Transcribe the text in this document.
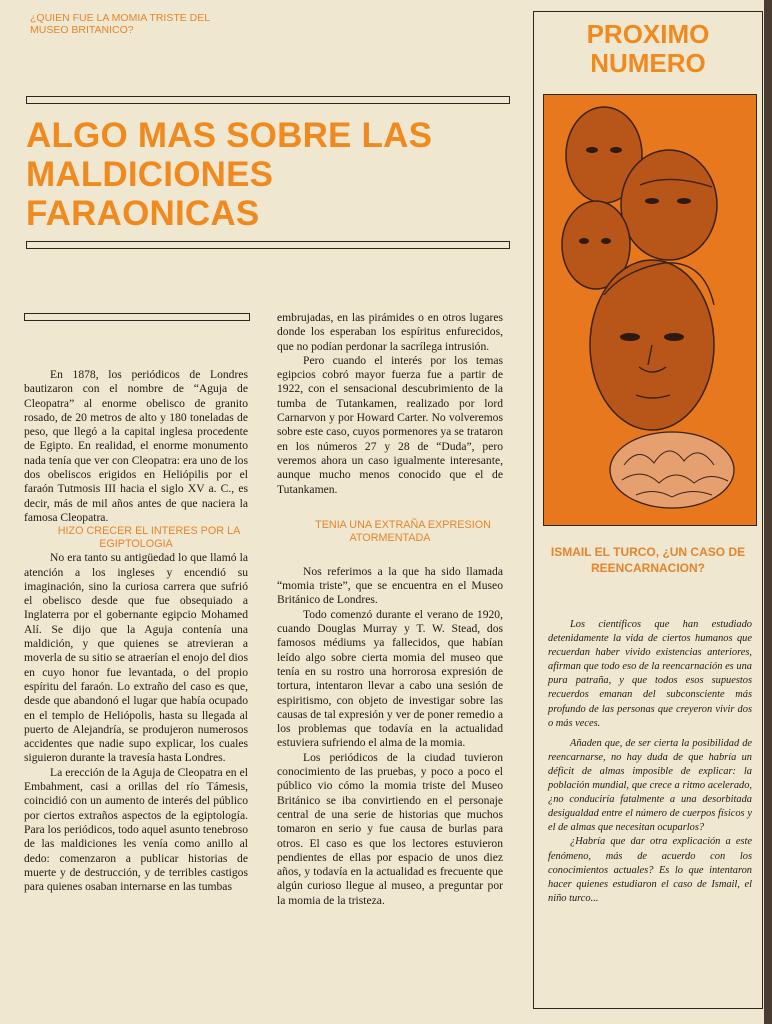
¿QUIEN FUE LA MOMIA TRISTE DEL MUSEO BRITANICO?
ALGO MAS SOBRE LAS MALDICIONES FARAONICAS

En 1878, los periódicos de Londres bautizaron con el nombre de “Aguja de Cleopatra” al enorme obelisco de granito rosado, de 20 metros de alto y 180 toneladas de peso, que llegó a la capital inglesa procedente de Egipto. En realidad, el enorme monumento nada tenía que ver con Cleopatra: era uno de los dos obeliscos erigidos en Heliópilis por el faraón Tutmosis III hacia el siglo XV a. C., es decir, más de mil años antes de que naciera la famosa Cleopatra.

HIZO CRECER EL INTERES POR LA EGIPTOLOGIA

No era tanto su antigüedad lo que llamó la atención a los ingleses y encendió su imaginación, sino la curiosa carrera que sufrió el obelisco desde que fue obsequiado a Inglaterra por el gobernante egipcio Mohamed Alí. Se dijo que la Aguja contenía una maldición, y que quienes se atrevieran a moverla de su sitio se atraerían el enojo del dios en cuyo honor fue levantada, o del propio espíritu del faraón. Lo extraño del caso es que, desde que abandonó el lugar que había ocupado en el templo de Heliópolis, hasta su llegada al puerto de Alejandría, se produjeron numerosos accidentes que nadie supo explicar, los cuales siguieron durante la travesía hasta Londres.

La erección de la Aguja de Cleopatra en el Embahment, casi a orillas del río Támesis, coincidió con un aumento de interés del público por ciertos extraños aspectos de la egiptología. Para los periódicos, todo aquel asunto tenebroso de las maldiciones les venía como anillo al dedo: comenzaron a publicar historias de muerte y de destrucción, y de terribles castigos para quienes osaban internarse en las tumbas

embrujadas, en las pirámides o en otros lugares donde los esperaban los espíritus enfurecidos, que no podían perdonar la sacrílega intrusión.

Pero cuando el interés por los temas egipcios cobró mayor fuerza fue a partir de 1922, con el sensacional descubrimiento de la tumba de Tutankamen, realizado por lord Carnarvon y por Howard Carter. No volveremos sobre este caso, cuyos pormenores ya se trataron en los números 27 y 28 de “Duda”, pero veremos ahora un caso igualmente interesante, aunque mucho menos conocido que el de Tutankamen.

TENIA UNA EXTRAÑA EXPRESION ATORMENTADA

Nos referimos a la que ha sido llamada “momia triste”, que se encuentra en el Museo Británico de Londres.

Todo comenzó durante el verano de 1920, cuando Douglas Murray y T. W. Stead, dos famosos médiums ya fallecidos, que habían leído algo sobre cierta momia del museo que tenía en su rostro una horrorosa expresión de tortura, intentaron llevar a cabo una sesión de espiritismo, con objeto de investigar sobre las causas de tal expresión y ver de poner remedio a los problemas que todavía en la actualidad estuviera sufriendo el alma de la momia.

Los periódicos de la ciudad tuvieron conocimiento de las pruebas, y poco a poco el público vio cómo la momia triste del Museo Británico se iba convirtiendo en el personaje central de una serie de historias que muchos tomaron en serio y fue causa de burlas para otros. El caso es que los lectores estuvieron pendientes de ellas por espacio de unos diez años, y todavía en la actualidad es frecuente que algún curioso llegue al museo, a preguntar por la momia de la tristeza.

PROXIMO NUMERO
ISMAIL EL TURCO, ¿UN CASO DE REENCARNACION?

Los científicos que han estudiado detenidamente la vida de ciertos humanos que recuerdan haber vivido existencias anteriores, afirman que todo eso de la reencarnación es una pura patraña, y que todos esos supuestos recuerdos emanan del subconsciente más profundo de las personas que creyeron vivir dos o más veces.

Añaden que, de ser cierta la posibilidad de reencarnarse, no hay duda de que habría un déficit de almas imposible de explicar: la población mundial, que crece a ritmo acelerado, ¿no conduciría fatalmente a una desorbitada desigualdad entre el número de cuerpos físicos y el de almas que necesitan ocuparlos?

¿Habría que dar otra explicación a este fenómeno, más de acuerdo con los conocimientos actuales? Es lo que intentaron hacer quienes estudiaron el caso de Ismail, el niño turco...
